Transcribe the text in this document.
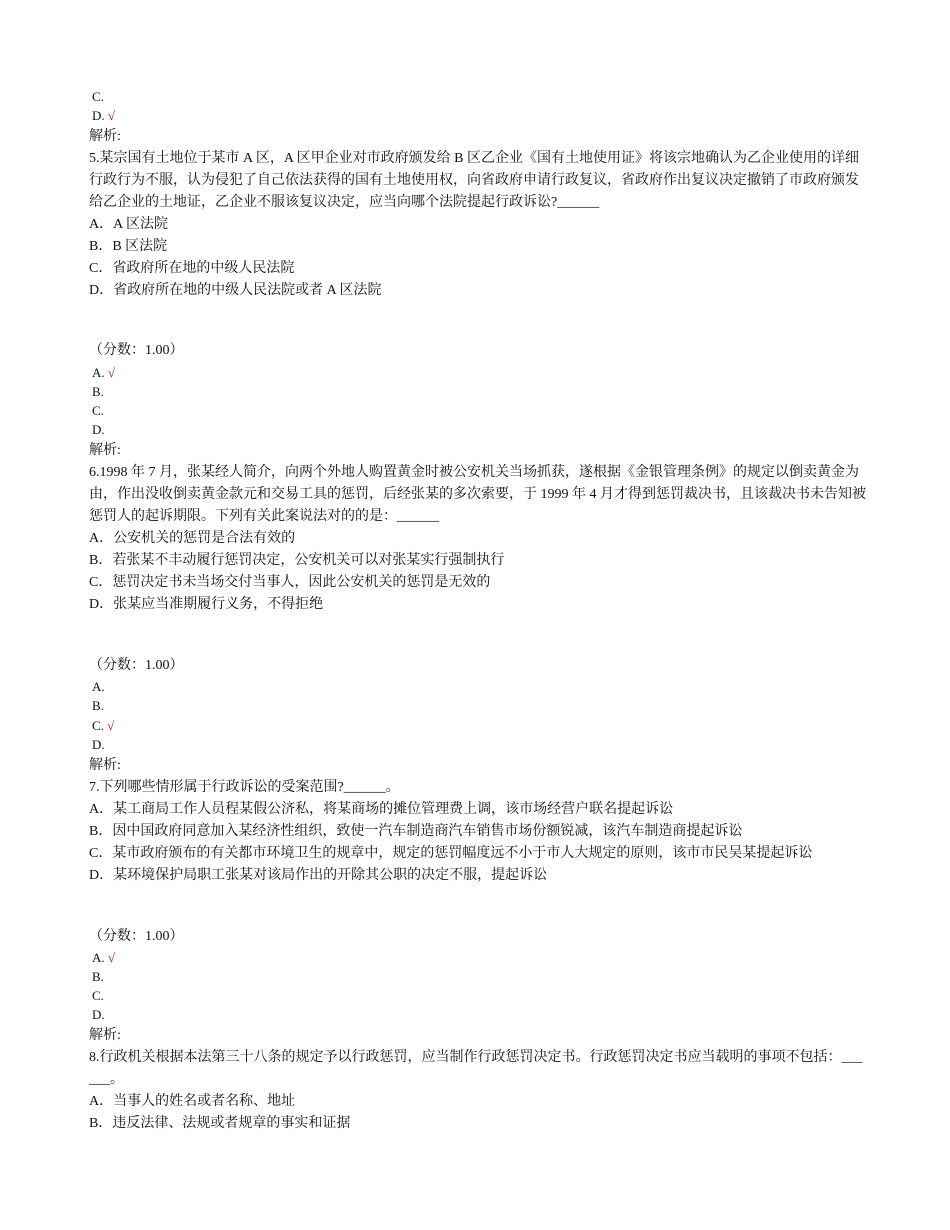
C.
D. √
解析:
5.某宗国有土地位于某市 A 区，A 区甲企业对市政府颁发给 B 区乙企业《国有土地使用证》将该宗地确认为乙企业使用的详细
行政行为不服，认为侵犯了自己依法获得的国有土地使用权，向省政府申请行政复议，省政府作出复议决定撤销了市政府颁发
给乙企业的土地证，乙企业不服该复议决定，应当向哪个法院提起行政诉讼?______
A．A 区法院
B．B 区法院
C．省政府所在地的中级人民法院
D．省政府所在地的中级人民法院或者 A 区法院
（分数：1.00）
A. √
B.
C.
D.
解析:
6.1998 年 7 月，张某经人简介，向两个外地人购置黄金时被公安机关当场抓获，遂根据《金银管理条例》的规定以倒卖黄金为
由，作出没收倒卖黄金款元和交易工具的惩罚，后经张某的多次索要，于 1999 年 4 月才得到惩罚裁决书，且该裁决书未告知被
惩罚人的起诉期限。下列有关此案说法对的的是：______
A．公安机关的惩罚是合法有效的
B．若张某不丰动履行惩罚决定，公安机关可以对张某实行强制执行
C．惩罚决定书未当场交付当事人，因此公安机关的惩罚是无效的
D．张某应当准期履行义务，不得拒绝
（分数：1.00）
A.
B.
C. √
D.
解析:
7.下列哪些情形属于行政诉讼的受案范围?______。
A．某工商局工作人员程某假公济私，将某商场的摊位管理费上调，该市场经营户联名提起诉讼
B．因中国政府同意加入某经济性组织，致使一汽车制造商汽车销售市场份额锐减，该汽车制造商提起诉讼
C．某市政府颁布的有关都市环境卫生的规章中，规定的惩罚幅度远不小于市人大规定的原则，该市市民吴某提起诉讼
D．某环境保护局职工张某对该局作出的开除其公职的决定不服，提起诉讼
（分数：1.00）
A. √
B.
C.
D.
解析:
8.行政机关根据本法第三十八条的规定予以行政惩罚，应当制作行政惩罚决定书。行政惩罚决定书应当载明的事项不包括：___
___。
A．当事人的姓名或者名称、地址
B．违反法律、法规或者规章的事实和证据
